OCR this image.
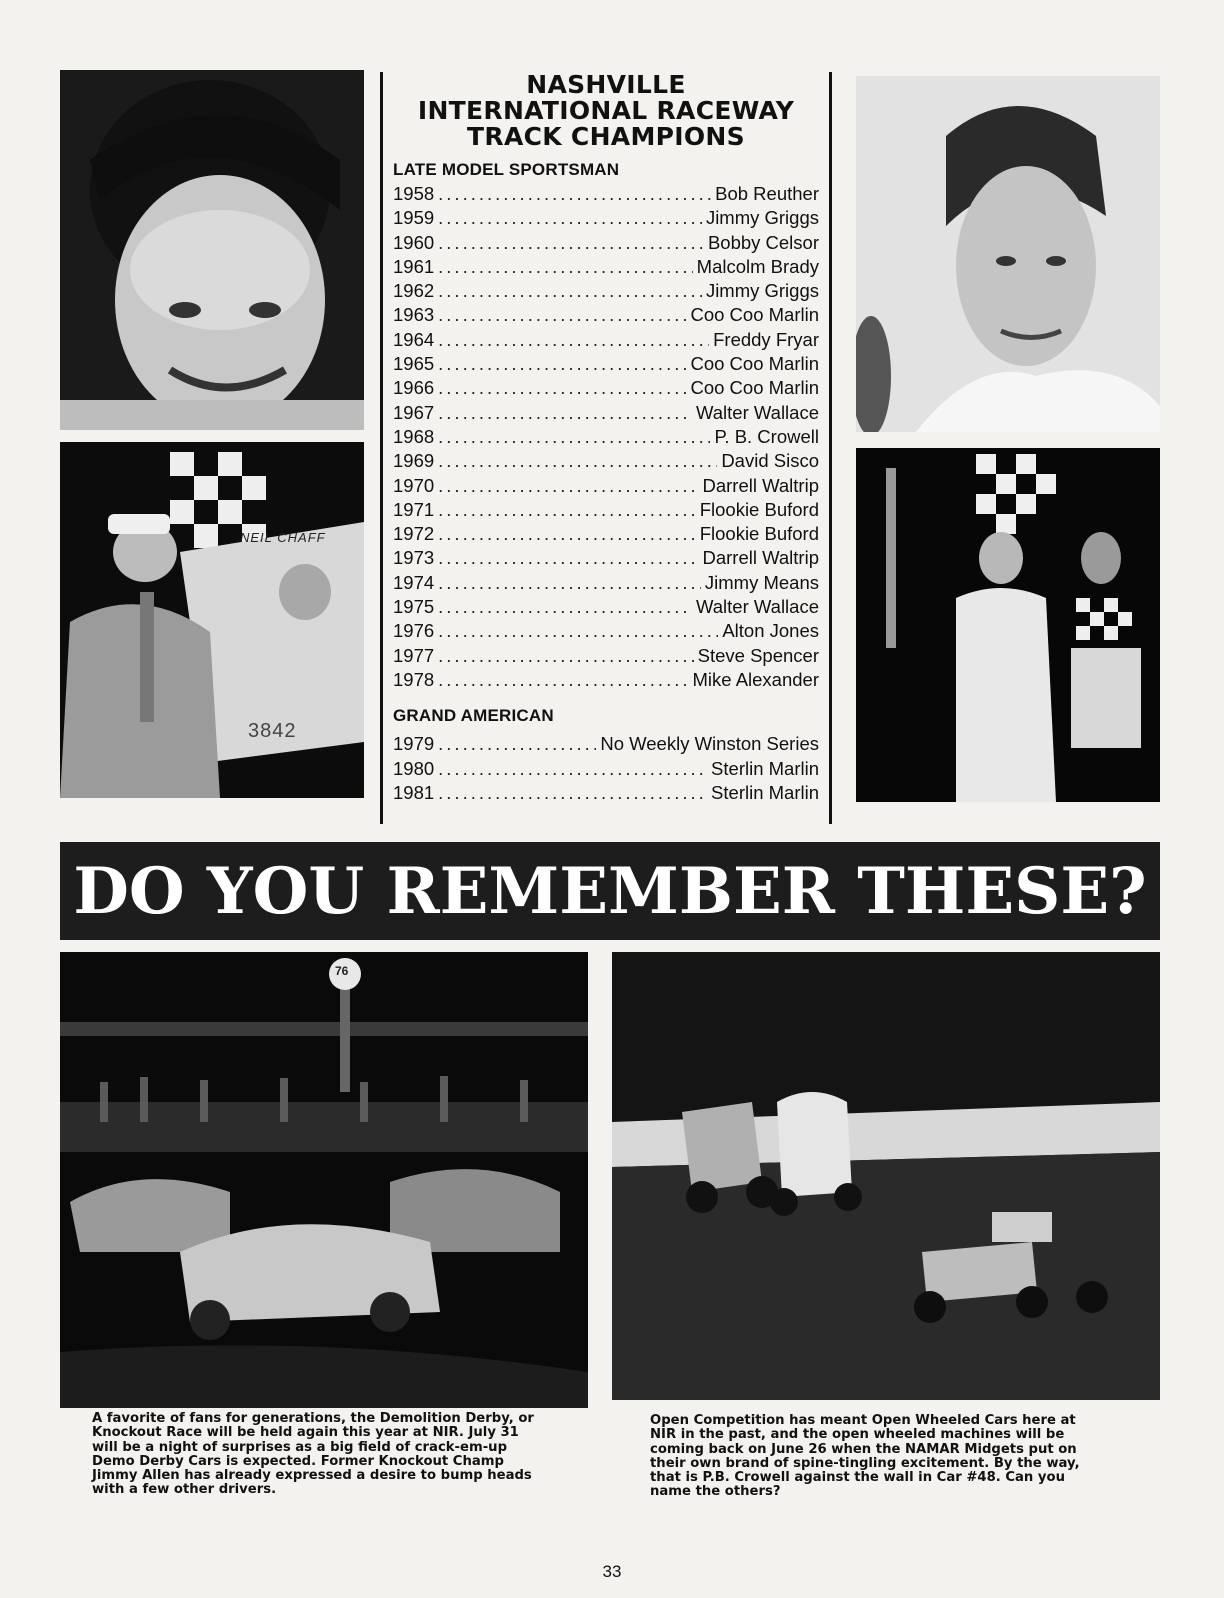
NEIL CHAFF
3842
NASHVILLE
INTERNATIONAL RACEWAY
TRACK CHAMPIONS
LATE MODEL SPORTSMAN
1958 .....	Bob Reuther
1959 .....	Jimmy Griggs
1960 .....	Bobby Celsor
1961 .....	Malcolm Brady
1962 .....	Jimmy Griggs
1963 .....	Coo Coo Marlin
1964 .....	Freddy Fryar
1965 .....	Coo Coo Marlin
1966 .....	Coo Coo Marlin
1967 .....	Walter Wallace
1968 .....	P. B. Crowell
1969 .....	David Sisco
1970 .....	Darrell Waltrip
1971 .....	Flookie Buford
1972 .....	Flookie Buford
1973 .....	Darrell Waltrip
1974 .....	Jimmy Means
1975 .....	Walter Wallace
1976 .....	Alton Jones
1977 .....	Steve Spencer
1978 .....	Mike Alexander
GRAND AMERICAN
1979 .....	No Weekly Winston Series
1980 .....	Sterlin Marlin
1981 .....	Sterlin Marlin
DO YOU REMEMBER THESE?
76
A favorite of fans for generations, the Demolition Derby, or
Knockout Race will be held again this year at NIR. July 31
will be a night of surprises as a big field of crack-em-up
Demo Derby Cars is expected. Former Knockout Champ
Jimmy Allen has already expressed a desire to bump heads
with a few other drivers.
Open Competition has meant Open Wheeled Cars here at
NIR in the past, and the open wheeled machines will be
coming back on June 26 when the NAMAR Midgets put on
their own brand of spine-tingling excitement. By the way,
that is P.B. Crowell against the wall in Car #48. Can you
name the others?
33
